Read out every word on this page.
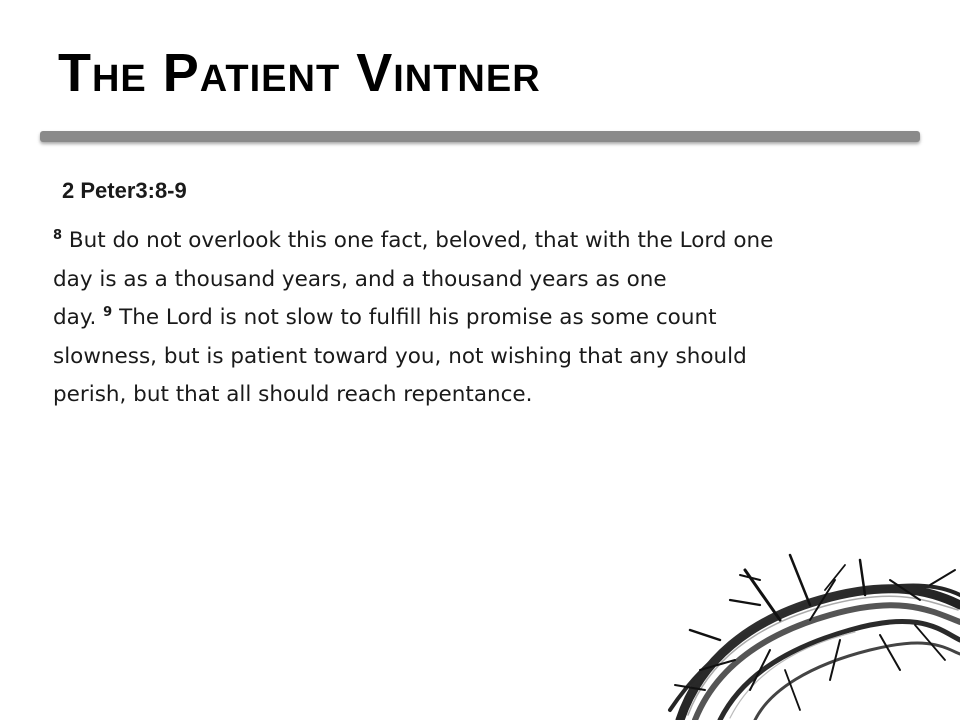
The Patient Vintner
2 Peter3:8-9
$^8$ But do not overlook this one fact, beloved, that with the Lord one
day is as a thousand years, and a thousand years as one
day. $^9$ The Lord is not slow to fulfill his promise as some count
slowness, but is patient toward you, not wishing that any should
perish, but that all should reach repentance.
